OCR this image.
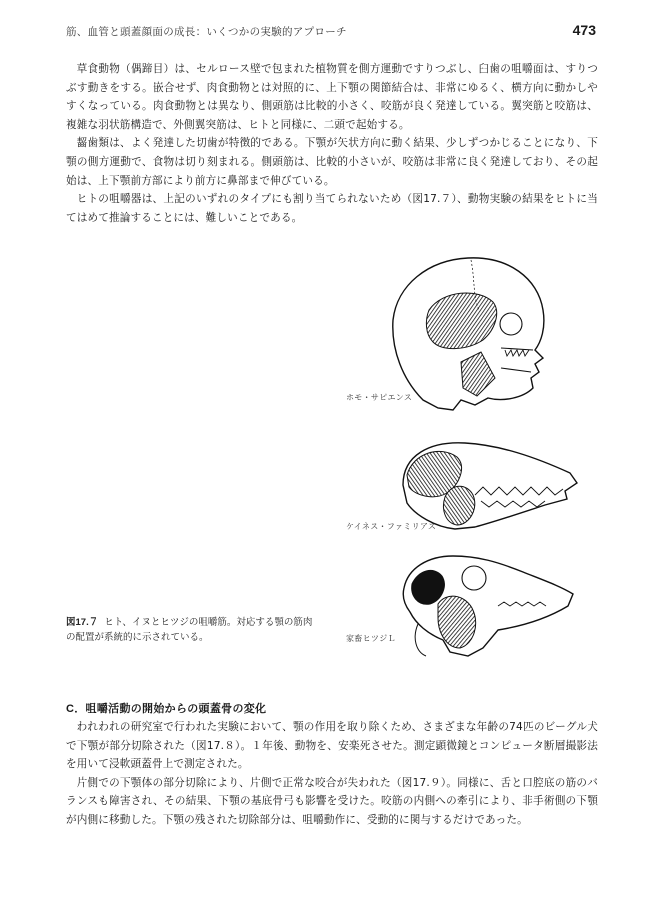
筋、血管と頭蓋顔面の成長：いくつかの実験的アプローチ	473

草食動物（偶蹄目）は、セルロース壁で包まれた植物質を側方運動ですりつぶし、臼歯の咀嚼面は、すりつぶす動きをする。嵌合せず、肉食動物とは対照的に、上下顎の関節結合は、非常にゆるく、横方向に動かしやすくなっている。肉食動物とは異なり、側頭筋は比較的小さく、咬筋が良く発達している。翼突筋と咬筋は、複雑な羽状筋構造で、外側翼突筋は、ヒトと同様に、二頭で起始する。

齧歯類は、よく発達した切歯が特徴的である。下顎が矢状方向に動く結果、少しずつかじることになり、下顎の側方運動で、食物は切り刻まれる。側頭筋は、比較的小さいが、咬筋は非常に良く発達しており、その起始は、上下顎前方部により前方に鼻部まで伸びている。

ヒトの咀嚼器は、上記のいずれのタイプにも割り当てられないため（図17.７）、動物実験の結果をヒトに当てはめて推論することには、難しいことである。

ホモ・サピエンス
ケイネス・ファミリアス
家畜ヒツジＬ
図17.７ ヒト、イヌとヒツジの咀嚼筋。対応する顎の筋肉の配置が系統的に示されている。
C．咀嚼活動の開始からの頭蓋骨の変化

われわれの研究室で行われた実験において、顎の作用を取り除くため、さまざまな年齢の74匹のビーグル犬で下顎が部分切除された（図17.８）。１年後、動物を、安楽死させた。測定顕微鏡とコンピュータ断層撮影法を用いて浸軟頭蓋骨上で測定された。

片側での下顎体の部分切除により、片側で正常な咬合が失われた（図17.９）。同様に、舌と口腔底の筋のバランスも障害され、その結果、下顎の基底骨弓も影響を受けた。咬筋の内側への牽引により、非手術側の下顎が内側に移動した。下顎の残された切除部分は、咀嚼動作に、受動的に関与するだけであった。
